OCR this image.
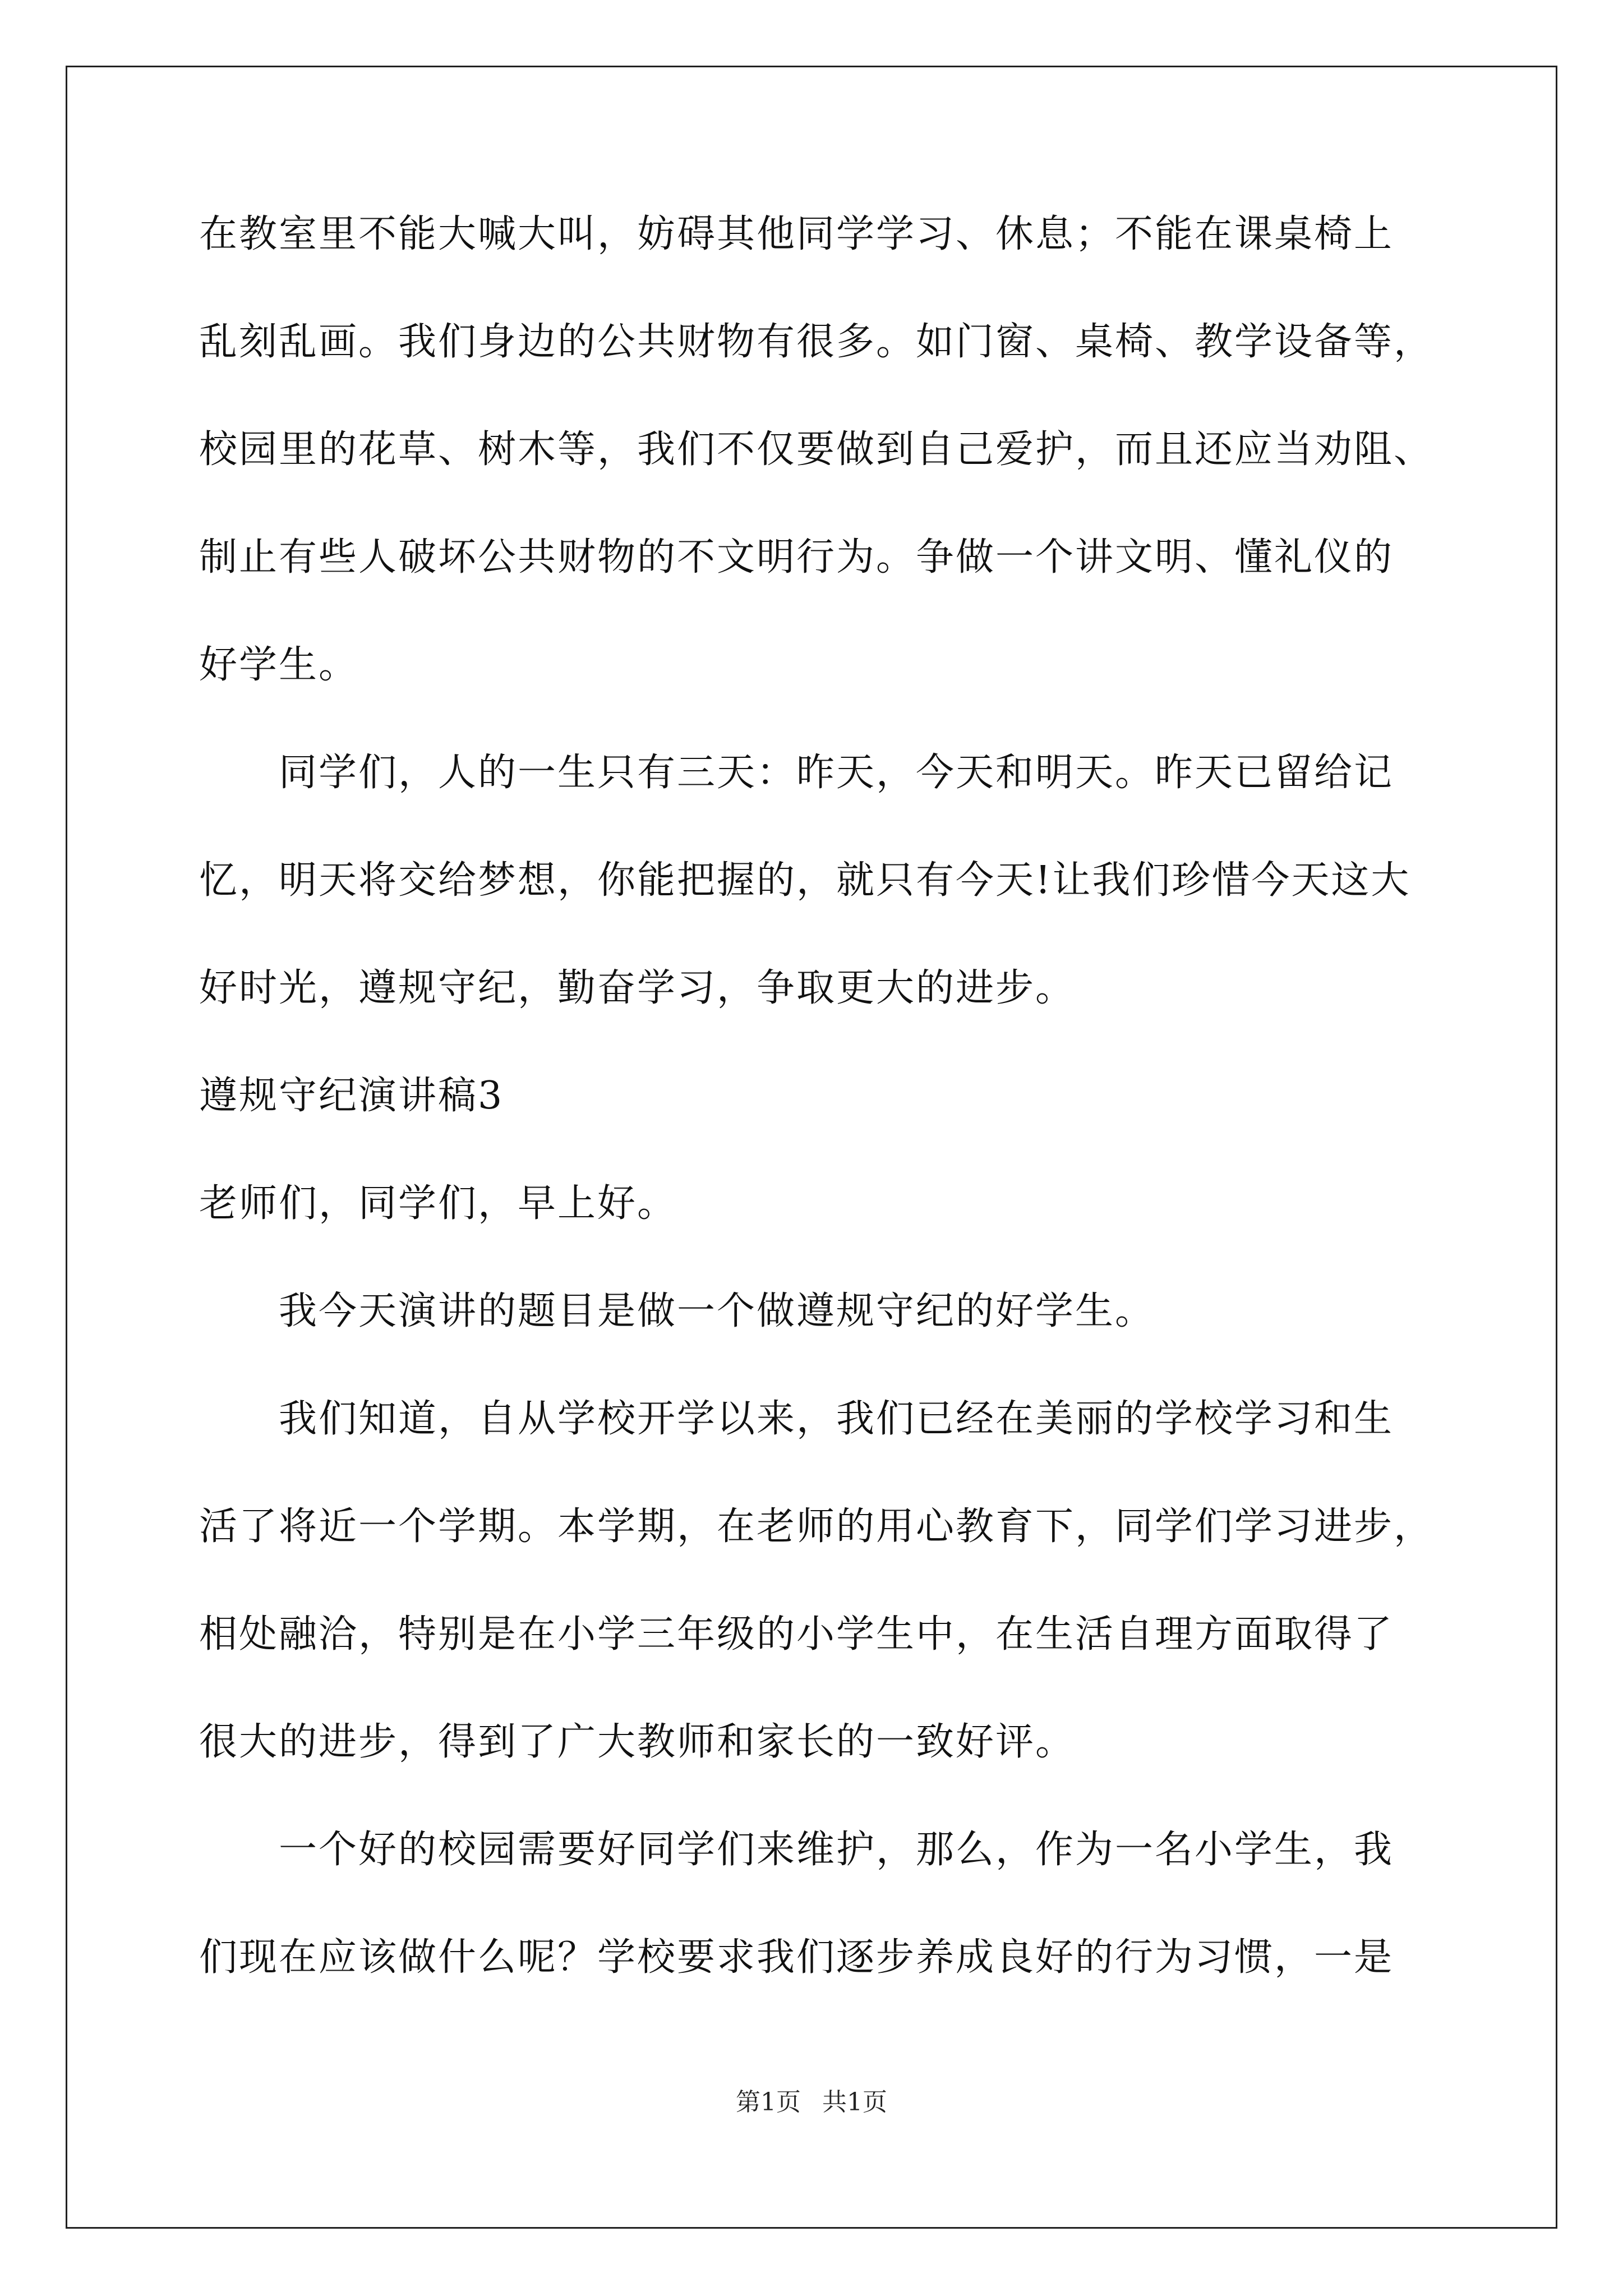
在教室里不能大喊大叫，妨碍其他同学学习、休息；不能在课桌椅上
乱刻乱画。我们身边的公共财物有很多。如门窗、桌椅、教学设备等，
校园里的花草、树木等，我们不仅要做到自己爱护，而且还应当劝阻、
制止有些人破坏公共财物的不文明行为。争做一个讲文明、懂礼仪的
好学生。
同学们，人的一生只有三天：昨天，今天和明天。昨天已留给记
忆，明天将交给梦想，你能把握的，就只有今天!让我们珍惜今天这大
好时光，遵规守纪，勤奋学习，争取更大的进步。
遵规守纪演讲稿3
老师们，同学们，早上好。
我今天演讲的题目是做一个做遵规守纪的好学生。
我们知道，自从学校开学以来，我们已经在美丽的学校学习和生
活了将近一个学期。本学期，在老师的用心教育下，同学们学习进步，
相处融洽，特别是在小学三年级的小学生中，在生活自理方面取得了
很大的进步，得到了广大教师和家长的一致好评。
一个好的校园需要好同学们来维护，那么，作为一名小学生，我
们现在应该做什么呢？学校要求我们逐步养成良好的行为习惯，一是
第1页 共1页
